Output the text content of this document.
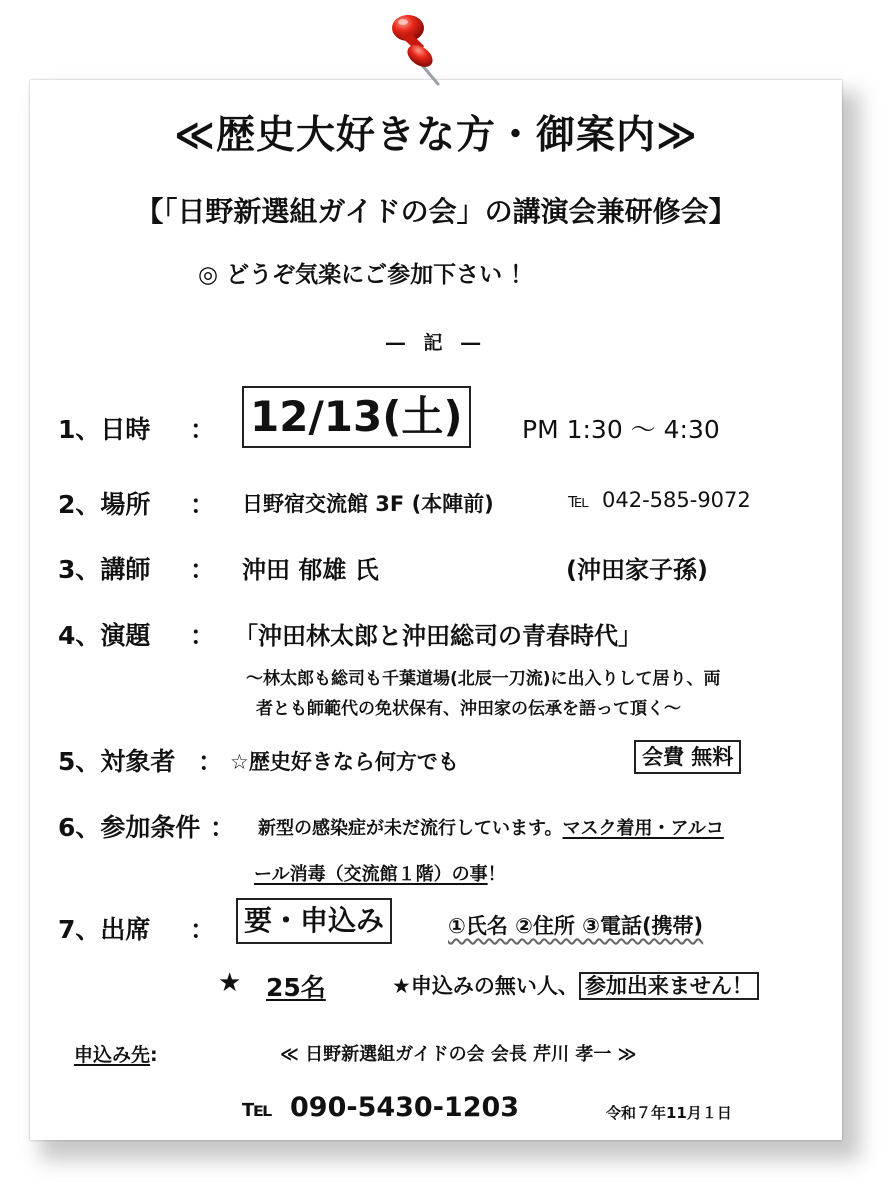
≪歴史大好きな方・御案内≫
【「日野新選組ガイドの会」の講演会兼研修会】
◎ どうぞ気楽にご参加下さい ！
― 記 ―
1、日時 ： 12/13(土)	PM 1:30 ～ 4:30
2、場所 ： 日野宿交流館 3F (本陣前)	℡ 042-585-9072
3、講師 ： 沖田 郁雄 氏	(沖田家子孫)
4、演題 ： 「沖田林太郎と沖田総司の青春時代」
～林太郎も総司も千葉道場(北辰一刀流)に出入りして居り、両
者とも師範代の免状保有、沖田家の伝承を語って頂く～
5、対象者 ： ☆歴史好きなら何方でも	会費 無料
6、参加条件 ： 新型の感染症が未だ流行しています。マスク着用・アルコ
ール消毒（交流館１階）の事！
7、出席 ： 要・申込み	①氏名 ②住所 ③電話(携帯)
★ 25名	★申込みの無い人、 参加出来ません！
申込み先:	≪ 日野新選組ガイドの会 会長 芹川 孝一 ≫
℡ 090-5430-1203	令和７年11月１日
